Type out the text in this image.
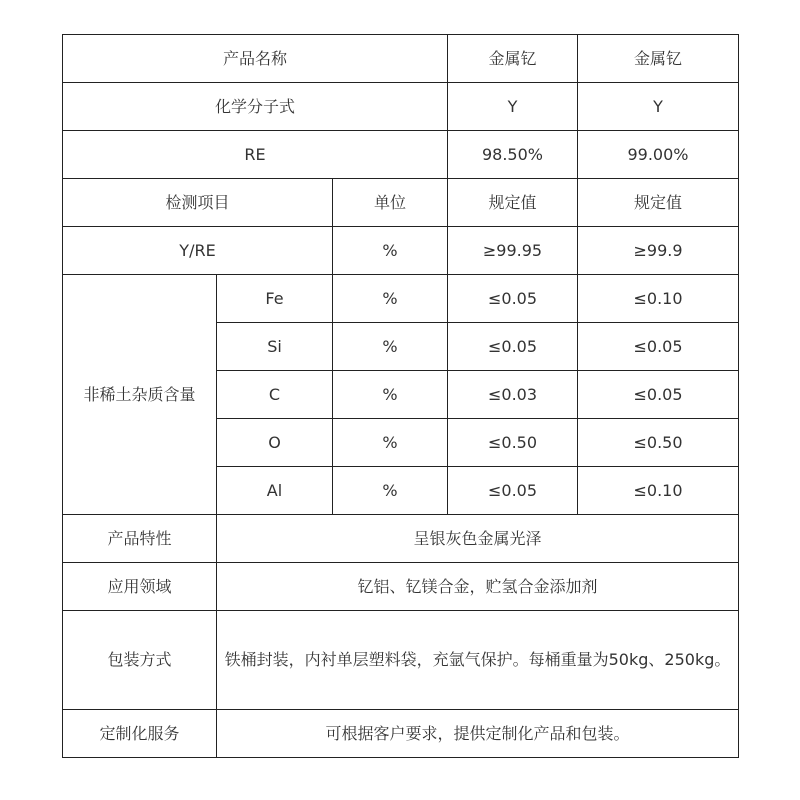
产品名称			金属钇	金属钇
化学分子式			Y	Y
RE			98.50%	99.00%
检测项目		单位	规定值	规定值
Y/RE		%	≥99.95	≥99.9
非稀土杂质含量	Fe	%	≤0.05	≤0.10
	Si	%	≤0.05	≤0.05
	C	%	≤0.03	≤0.05
	O	%	≤0.50	≤0.50
	Al	%	≤0.05	≤0.10
产品特性	呈银灰色金属光泽			
应用领域	钇铝、钇镁合金，贮氢合金添加剂			
包装方式	铁桶封装，内衬单层塑料袋，充氩气保护。每桶重量为50kg、250kg。			
定制化服务	可根据客户要求，提供定制化产品和包装。			
